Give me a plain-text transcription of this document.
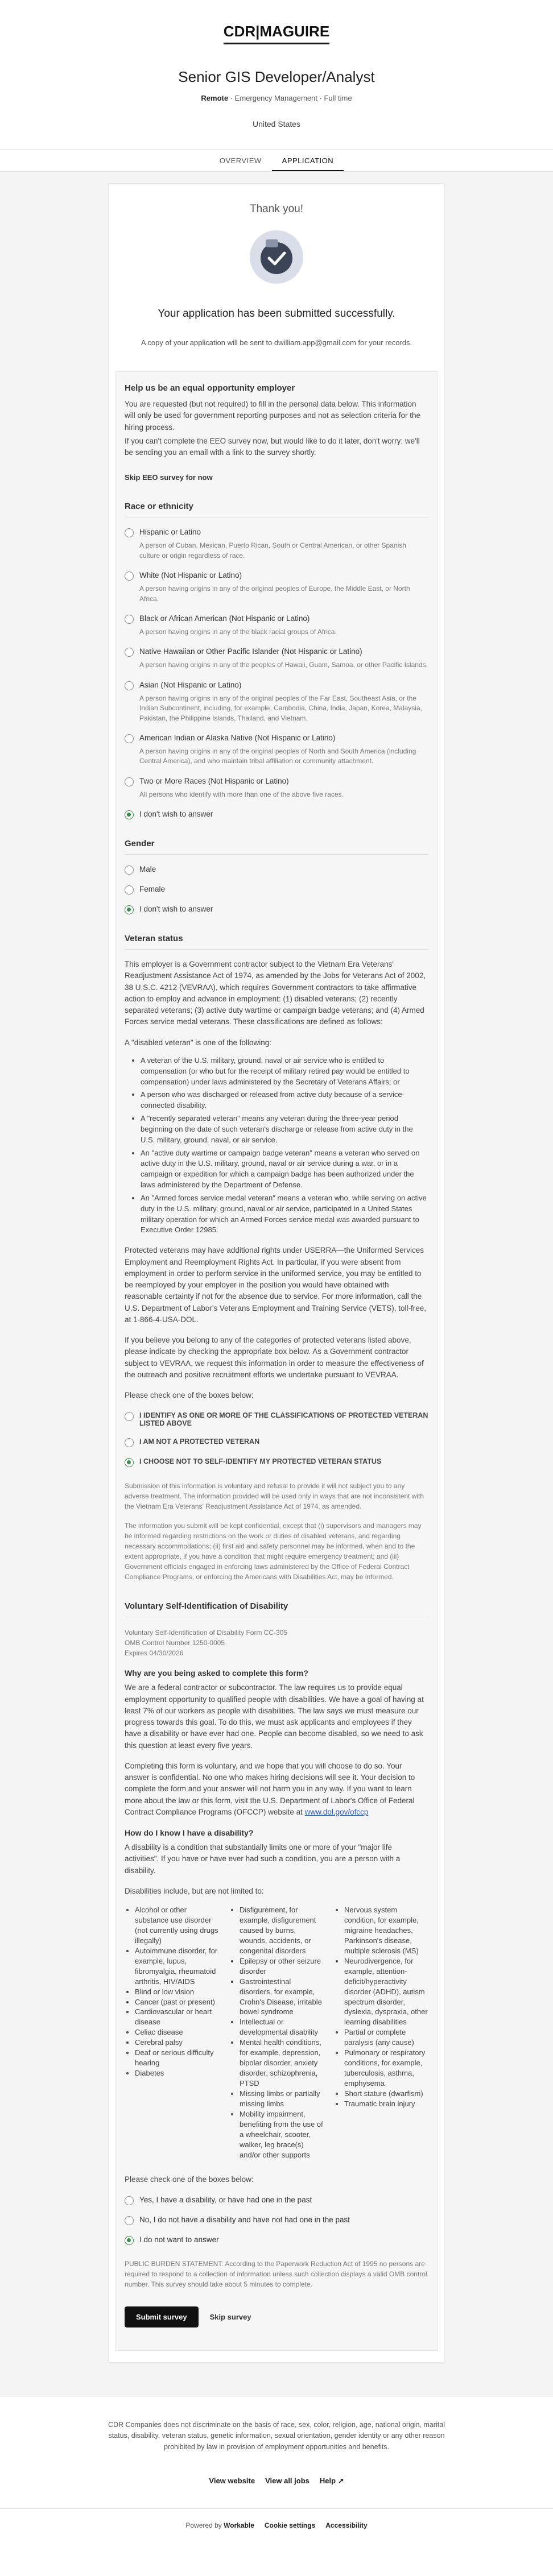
CDR|MAGUIRE
Senior GIS Developer/Analyst
Remote · Emergency Management · Full time
United States
OVERVIEW	APPLICATION
Thank you!
Your application has been submitted successfully.

A copy of your application will be sent to dwilliam.app@gmail.com for your records.

Help us be an equal opportunity employer

You are requested (but not required) to fill in the personal data below. This information will only be used for government reporting purposes and not as selection criteria for the hiring process.

If you can't complete the EEO survey now, but would like to do it later, don't worry: we'll be sending you an email with a link to the survey shortly.

Skip EEO survey for now
Race or ethnicity
Hispanic or Latino
A person of Cuban, Mexican, Puerto Rican, South or Central American, or other Spanish culture or origin regardless of race.
White (Not Hispanic or Latino)
A person having origins in any of the original peoples of Europe, the Middle East, or North Africa.
Black or African American (Not Hispanic or Latino)
A person having origins in any of the black racial groups of Africa.
Native Hawaiian or Other Pacific Islander (Not Hispanic or Latino)
A person having origins in any of the peoples of Hawaii, Guam, Samoa, or other Pacific Islands.
Asian (Not Hispanic or Latino)
A person having origins in any of the original peoples of the Far East, Southeast Asia, or the Indian Subcontinent, including, for example, Cambodia, China, India, Japan, Korea, Malaysia, Pakistan, the Philippine Islands, Thailand, and Vietnam.
American Indian or Alaska Native (Not Hispanic or Latino)
A person having origins in any of the original peoples of North and South America (including Central America), and who maintain tribal affiliation or community attachment.
Two or More Races (Not Hispanic or Latino)
All persons who identify with more than one of the above five races.
I don't wish to answer
Gender
Male
Female
I don't wish to answer
Veteran status

This employer is a Government contractor subject to the Vietnam Era Veterans' Readjustment Assistance Act of 1974, as amended by the Jobs for Veterans Act of 2002, 38 U.S.C. 4212 (VEVRAA), which requires Government contractors to take affirmative action to employ and advance in employment: (1) disabled veterans; (2) recently separated veterans; (3) active duty wartime or campaign badge veterans; and (4) Armed Forces service medal veterans. These classifications are defined as follows:

A "disabled veteran" is one of the following:

• A veteran of the U.S. military, ground, naval or air service who is entitled to compensation (or who but for the receipt of military retired pay would be entitled to compensation) under laws administered by the Secretary of Veterans Affairs; or
• A person who was discharged or released from active duty because of a service-connected disability.
• A "recently separated veteran" means any veteran during the three-year period beginning on the date of such veteran's discharge or release from active duty in the U.S. military, ground, naval, or air service.
• An "active duty wartime or campaign badge veteran" means a veteran who served on active duty in the U.S. military, ground, naval or air service during a war, or in a campaign or expedition for which a campaign badge has been authorized under the laws administered by the Department of Defense.
• An "Armed forces service medal veteran" means a veteran who, while serving on active duty in the U.S. military, ground, naval or air service, participated in a United States military operation for which an Armed Forces service medal was awarded pursuant to Executive Order 12985.

Protected veterans may have additional rights under USERRA—the Uniformed Services Employment and Reemployment Rights Act. In particular, if you were absent from employment in order to perform service in the uniformed service, you may be entitled to be reemployed by your employer in the position you would have obtained with reasonable certainty if not for the absence due to service. For more information, call the U.S. Department of Labor's Veterans Employment and Training Service (VETS), toll-free, at 1-866-4-USA-DOL.

If you believe you belong to any of the categories of protected veterans listed above, please indicate by checking the appropriate box below. As a Government contractor subject to VEVRAA, we request this information in order to measure the effectiveness of the outreach and positive recruitment efforts we undertake pursuant to VEVRAA.

Please check one of the boxes below:

I IDENTIFY AS ONE OR MORE OF THE CLASSIFICATIONS OF PROTECTED VETERAN LISTED ABOVE
I AM NOT A PROTECTED VETERAN
I CHOOSE NOT TO SELF-IDENTIFY MY PROTECTED VETERAN STATUS

Submission of this information is voluntary and refusal to provide it will not subject you to any adverse treatment. The information provided will be used only in ways that are not inconsistent with the Vietnam Era Veterans' Readjustment Assistance Act of 1974, as amended.

The information you submit will be kept confidential, except that (i) supervisors and managers may be informed regarding restrictions on the work or duties of disabled veterans, and regarding necessary accommodations; (ii) first aid and safety personnel may be informed, when and to the extent appropriate, if you have a condition that might require emergency treatment; and (iii) Government officials engaged in enforcing laws administered by the Office of Federal Contract Compliance Programs, or enforcing the Americans with Disabilities Act, may be informed.

Voluntary Self-Identification of Disability

Voluntary Self-Identification of Disability Form CC-305

OMB Control Number 1250-0005

Expires 04/30/2026

Why are you being asked to complete this form?

We are a federal contractor or subcontractor. The law requires us to provide equal employment opportunity to qualified people with disabilities. We have a goal of having at least 7% of our workers as people with disabilities. The law says we must measure our progress towards this goal. To do this, we must ask applicants and employees if they have a disability or have ever had one. People can become disabled, so we need to ask this question at least every five years.

Completing this form is voluntary, and we hope that you will choose to do so. Your answer is confidential. No one who makes hiring decisions will see it. Your decision to complete the form and your answer will not harm you in any way. If you want to learn more about the law or this form, visit the U.S. Department of Labor's Office of Federal Contract Compliance Programs (OFCCP) website at www.dol.gov/ofccp

How do I know I have a disability?

A disability is a condition that substantially limits one or more of your "major life activities". If you have or have ever had such a condition, you are a person with a disability.

Disabilities include, but are not limited to:

• Alcohol or other substance use disorder (not currently using drugs illegally)
• Autoimmune disorder, for example, lupus, fibromyalgia, rheumatoid arthritis, HIV/AIDS
• Blind or low vision
• Cancer (past or present)
• Cardiovascular or heart disease
• Celiac disease
• Cerebral palsy
• Deaf or serious difficulty hearing
• Diabetes
• Disfigurement, for example, disfigurement caused by burns, wounds, accidents, or congenital disorders
• Epilepsy or other seizure disorder
• Gastrointestinal disorders, for example, Crohn's Disease, irritable bowel syndrome
• Intellectual or developmental disability
• Mental health conditions, for example, depression, bipolar disorder, anxiety disorder, schizophrenia, PTSD
• Missing limbs or partially missing limbs
• Mobility impairment, benefiting from the use of a wheelchair, scooter, walker, leg brace(s) and/or other supports
• Nervous system condition, for example, migraine headaches, Parkinson's disease, multiple sclerosis (MS)
• Neurodivergence, for example, attention-deficit/hyperactivity disorder (ADHD), autism spectrum disorder, dyslexia, dyspraxia, other learning disabilities
• Partial or complete paralysis (any cause)
• Pulmonary or respiratory conditions, for example, tuberculosis, asthma, emphysema
• Short stature (dwarfism)
• Traumatic brain injury

Please check one of the boxes below:

Yes, I have a disability, or have had one in the past
No, I do not have a disability and have not had one in the past
I do not want to answer

PUBLIC BURDEN STATEMENT: According to the Paperwork Reduction Act of 1995 no persons are required to respond to a collection of information unless such collection displays a valid OMB control number. This survey should take about 5 minutes to complete.

Submit survey	Skip survey

CDR Companies does not discriminate on the basis of race, sex, color, religion, age, national origin, marital status, disability, veteran status, genetic information, sexual orientation, gender identity or any other reason prohibited by law in provision of employment opportunities and benefits.

View website View all jobs Help ↗
Powered by Workable Cookie settings Accessibility
